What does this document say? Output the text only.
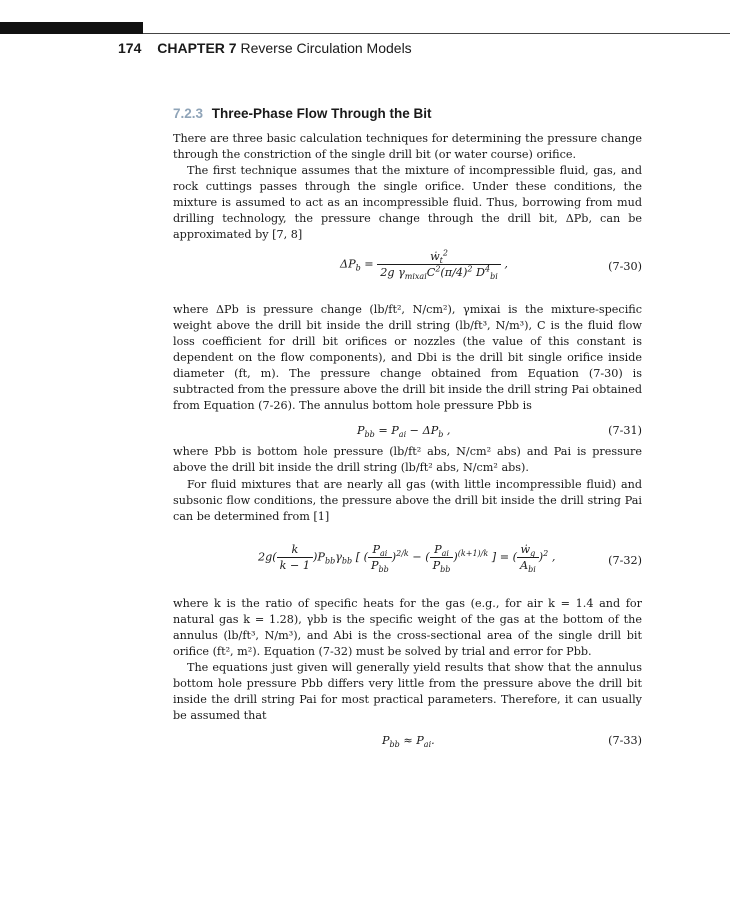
174 CHAPTER 7 Reverse Circulation Models
7.2.3 Three-Phase Flow Through the Bit

There are three basic calculation techniques for determining the pressure change through the constriction of the single drill bit (or water course) orifice.

The first technique assumes that the mixture of incompressible fluid, gas, and rock cuttings passes through the single orifice. Under these conditions, the mixture is assumed to act as an incompressible fluid. Thus, borrowing from mud drilling technology, the pressure change through the drill bit, ΔPb, can be approximated by [7, 8]

$\Delta P_b = \frac{ẇ_t^2}{2g \gamma_{mixai}C^2(\pi/4)^2 D^4_{bi}}$ ,	(7-30)

where ΔPb is pressure change (lb/ft², N/cm²), γmixai is the mixture-specific weight above the drill bit inside the drill string (lb/ft³, N/m³), C is the fluid flow loss coefficient for drill bit orifices or nozzles (the value of this constant is dependent on the flow components), and Dbi is the drill bit single orifice inside diameter (ft, m). The pressure change obtained from Equation (7-30) is subtracted from the pressure above the drill bit inside the drill string Pai obtained from Equation (7-26). The annulus bottom hole pressure Pbb is

$P_{bb} = P_{ai} - \Delta P_b$ ,	(7-31)

where Pbb is bottom hole pressure (lb/ft² abs, N/cm² abs) and Pai is pressure above the drill bit inside the drill string (lb/ft² abs, N/cm² abs).

For fluid mixtures that are nearly all gas (with little incompressible fluid) and subsonic flow conditions, the pressure above the drill bit inside the drill string Pai can be determined from [1]

$2g( \frac{k}{k - 1} )P_{bb}\gamma_{bb}$ [ ( $\frac{P_{ai}}{P_{bb}} )^{2/k}$ − ( $\frac{P_{ai}}{P_{bb}} )^{(k+1)/k}$ ] = ( $\frac{ẇ_g}{A_{bi}} )^2$ ,	(7-32)

where k is the ratio of specific heats for the gas (e.g., for air k = 1.4 and for natural gas k = 1.28), γbb is the specific weight of the gas at the bottom of the annulus (lb/ft³, N/m³), and Abi is the cross-sectional area of the single drill bit orifice (ft², m²). Equation (7-32) must be solved by trial and error for Pbb.

The equations just given will generally yield results that show that the annulus bottom hole pressure Pbb differs very little from the pressure above the drill bit inside the drill string Pai for most practical parameters. Therefore, it can usually be assumed that

$P_{bb} \approx P_{ai}$.	(7-33)
